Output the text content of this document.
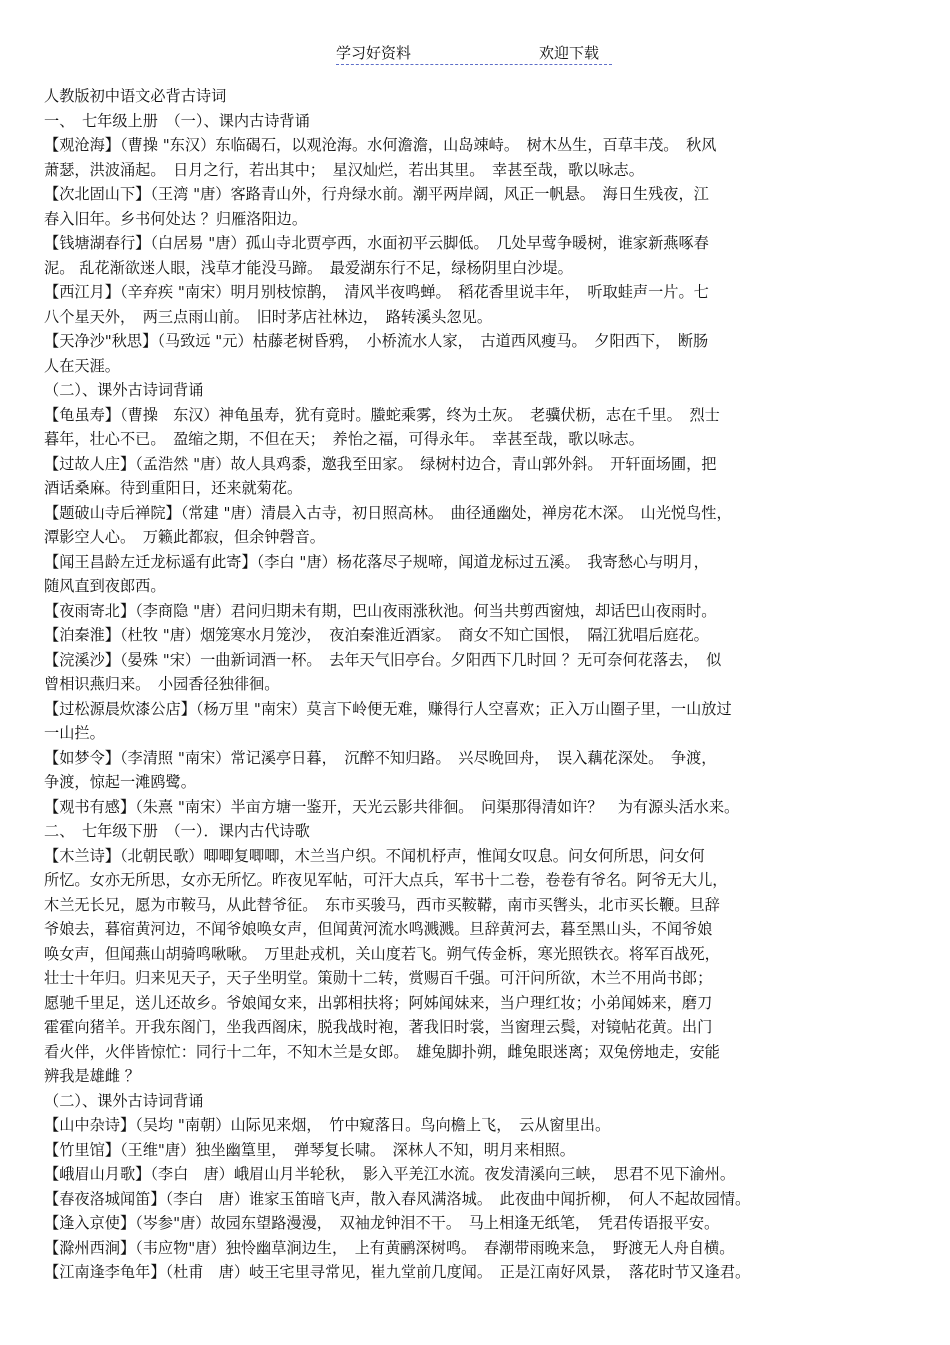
学习好资料	欢迎下载
人教版初中语文必背古诗词
一、　七年级上册　（一）、课内古诗背诵
【观沧海】（曹操 "东汉）东临碣石，以观沧海。水何澹澹，山岛竦峙。　树木丛生，百草丰茂。　秋风
萧瑟，洪波涌起。　日月之行，若出其中；　星汉灿烂，若出其里。　幸甚至哉，歌以咏志。
【次北固山下】（王湾 "唐）客路青山外，行舟绿水前。潮平两岸阔，风正一帆悬。　海日生残夜，江
春入旧年。乡书何处达 ？归雁洛阳边。
【钱塘湖春行】（白居易 "唐）孤山寺北贾亭西，水面初平云脚低。　几处早莺争暖树，谁家新燕啄春
泥。 乱花渐欲迷人眼，浅草才能没马蹄。　最爱湖东行不足，绿杨阴里白沙堤。
【西江月】（辛弃疾 "南宋）明月别枝惊鹊，　清风半夜鸣蝉。　稻花香里说丰年，　听取蛙声一片。七
八个星天外，　两三点雨山前。　旧时茅店社林边，　路转溪头忽见。
【天净沙"秋思】（马致远 "元）枯藤老树昏鸦，　小桥流水人家，　古道西风瘦马。　夕阳西下，　断肠
人在天涯。
（二）、课外古诗词背诵
【龟虽寿】（曹操　东汉）神龟虽寿，犹有竟时。螣蛇乘雾，终为土灰。　老骥伏枥，志在千里。　烈士
暮年，壮心不已。　盈缩之期，不但在天；　养怡之福，可得永年。　幸甚至哉，歌以咏志。
【过故人庄】（孟浩然 "唐）故人具鸡黍，邀我至田家。　绿树村边合，青山郭外斜。　开轩面场圃，把
酒话桑麻。待到重阳日，还来就菊花。
【题破山寺后禅院】（常建 "唐）清晨入古寺，初日照高林。　曲径通幽处，禅房花木深。　山光悦鸟性，
潭影空人心。　万籁此都寂，但余钟磬音。
【闻王昌龄左迁龙标遥有此寄】（李白 "唐）杨花落尽子规啼，闻道龙标过五溪。　我寄愁心与明月，
随风直到夜郎西。
【夜雨寄北】（李商隐 "唐）君问归期未有期，巴山夜雨涨秋池。何当共剪西窗烛，却话巴山夜雨时。
【泊秦淮】（杜牧 "唐）烟笼寒水月笼沙，　夜泊秦淮近酒家。　商女不知亡国恨，　隔江犹唱后庭花。
【浣溪沙】（晏殊 "宋）一曲新词酒一杯。　去年天气旧亭台。夕阳西下几时回 ？无可奈何花落去，　似
曾相识燕归来。　小园香径独徘徊。
【过松源晨炊漆公店】（杨万里 "南宋）莫言下岭便无难，赚得行人空喜欢；正入万山圈子里，一山放过
一山拦。
【如梦令】（李清照 "南宋）常记溪亭日暮，　沉醉不知归路。　兴尽晚回舟，　误入藕花深处。　争渡，
争渡，惊起一滩鸥鹭。
【观书有感】（朱熹 "南宋）半亩方塘一鉴开，天光云影共徘徊。　问渠那得清如许？　为有源头活水来。
二、　七年级下册　（一）．课内古代诗歌
【木兰诗】（北朝民歌）唧唧复唧唧，木兰当户织。不闻机杼声，惟闻女叹息。问女何所思，问女何
所忆。女亦无所思，女亦无所忆。昨夜见军帖，可汗大点兵，军书十二卷，卷卷有爷名。阿爷无大儿，
木兰无长兄，愿为市鞍马，从此替爷征。　东市买骏马，西市买鞍鞯，南市买辔头，北市买长鞭。旦辞
爷娘去，暮宿黄河边，不闻爷娘唤女声，但闻黄河流水鸣溅溅。旦辞黄河去，暮至黑山头，不闻爷娘
唤女声，但闻燕山胡骑鸣啾啾。　万里赴戎机，关山度若飞。朔气传金柝，寒光照铁衣。将军百战死，
壮士十年归。归来见天子，天子坐明堂。策勋十二转，赏赐百千强。可汗问所欲，木兰不用尚书郎；
愿驰千里足，送儿还故乡。爷娘闻女来，出郭相扶将；阿姊闻妹来，当户理红妆；小弟闻姊来，磨刀
霍霍向猪羊。开我东阁门，坐我西阁床，脱我战时袍，著我旧时裳，当窗理云鬓，对镜帖花黄。出门
看火伴，火伴皆惊忙：同行十二年，不知木兰是女郎。　雄兔脚扑朔，雌兔眼迷离；双兔傍地走，安能
辨我是雄雌 ？
（二）、课外古诗词背诵
【山中杂诗】（吴均 "南朝）山际见来烟，　竹中窥落日。鸟向檐上飞，　云从窗里出。
【竹里馆】（王维"唐）独坐幽篁里，　弹琴复长啸。　深林人不知，明月来相照。
【峨眉山月歌】（李白　唐）峨眉山月半轮秋，　影入平羌江水流。夜发清溪向三峡，　思君不见下渝州。
【春夜洛城闻笛】（李白　唐）谁家玉笛暗飞声，散入春风满洛城。　此夜曲中闻折柳，　何人不起故园情。
【逢入京使】（岑参"唐）故园东望路漫漫，　双袖龙钟泪不干。　马上相逢无纸笔，　凭君传语报平安。
【滁州西涧】（韦应物"唐）独怜幽草涧边生，　上有黄鹂深树鸣。　春潮带雨晚来急，　野渡无人舟自横。
【江南逢李龟年】（杜甫　唐）岐王宅里寻常见，崔九堂前几度闻。　正是江南好风景，　落花时节又逢君。
